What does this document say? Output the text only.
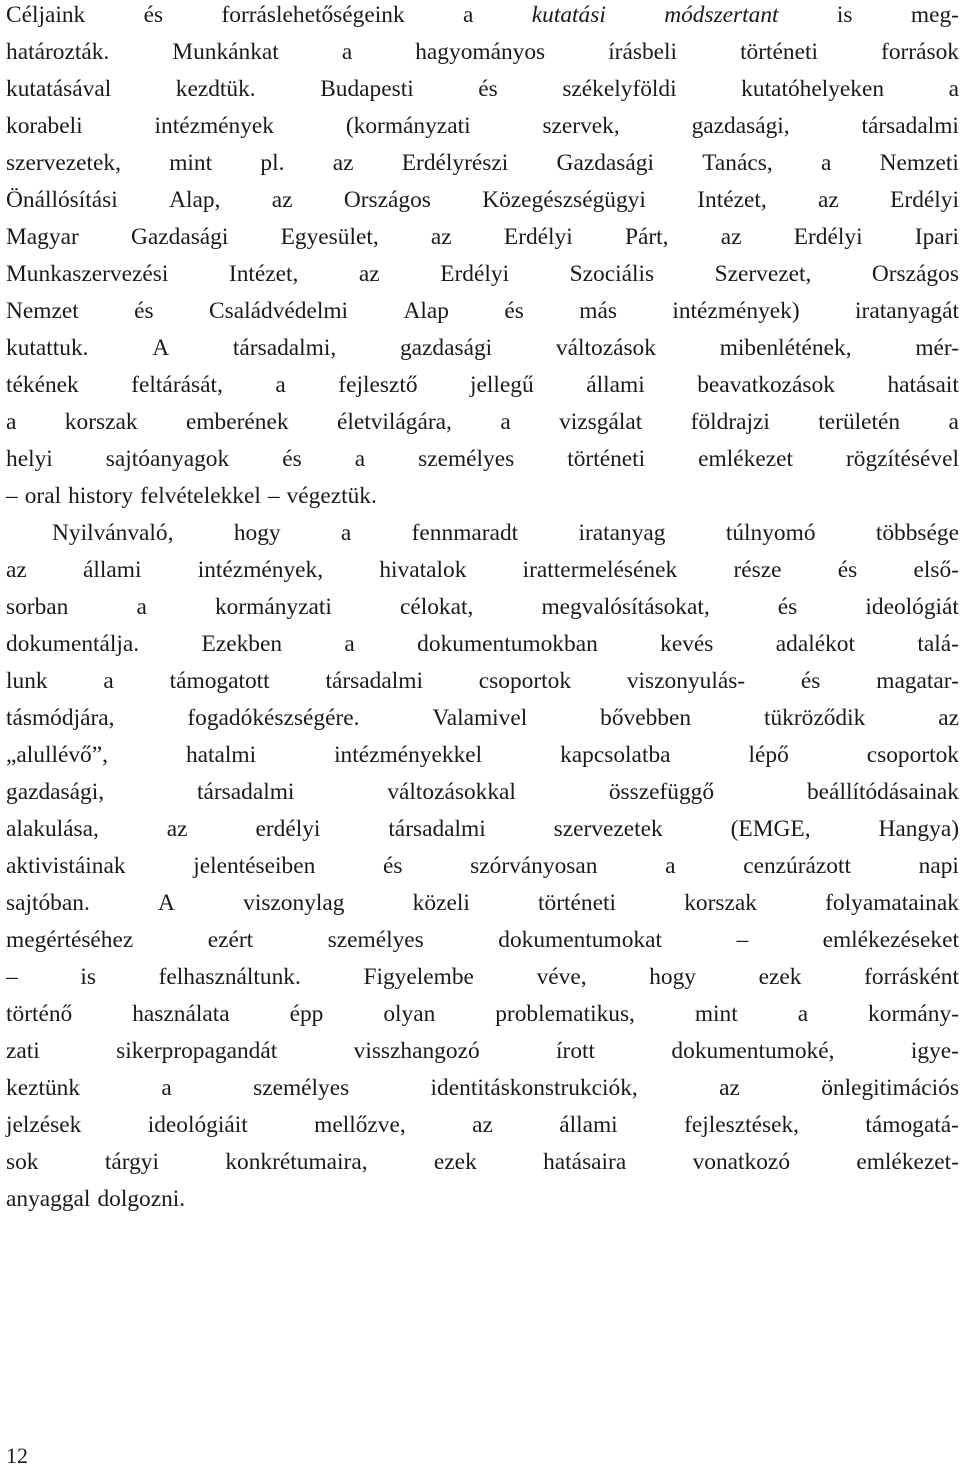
Céljaink és forráslehetőségeink a kutatási módszertant is meg-
határozták.	Munkánkat	a	hagyományos	írásbeli	történeti	források
kutatásával	kezdtük.	Budapesti	és	székelyföldi	kutatóhelyeken	a
korabeli	intézmények	(kormányzati	szervek,	gazdasági,	társadalmi
szervezetek, mint pl. az Erdélyrészi Gazdasági Tanács, a Nemzeti
Önállósítási Alap, az Országos Közegészségügyi Intézet, az Erdélyi
Magyar Gazdasági Egyesület, az Erdélyi Párt, az Erdélyi Ipari
Munkaszervezési	Intézet,	az	Erdélyi	Szociális	Szervezet,	Országos
Nemzet és Családvédelmi Alap és más intézmények) iratanyagát
kutattuk.	A	társadalmi,	gazdasági	változások	mibenlétének,	mér-
tékének feltárását, a fejlesztő jellegű állami beavatkozások hatásait
a korszak emberének életvilágára, a vizsgálat földrajzi területén a
helyi sajtóanyagok és a személyes történeti emlékezet rögzítésével
– oral history felvételekkel – végeztük.
Nyilvánvaló,	hogy	a	fennmaradt	iratanyag	túlnyomó	többsége
az állami intézmények, hivatalok irattermelésének része és első-
sorban	a	kormányzati	célokat,	megvalósításokat,	és	ideológiát
dokumentálja.	Ezekben	a	dokumentumokban	kevés	adalékot	talá-
lunk a támogatott társadalmi csoportok viszonyulás- és magatar-
tásmódjára,	fogadókészségére.	Valamivel	bővebben	tükröződik	az
„alullévő”,	hatalmi	intézményekkel	kapcsolatba	lépő	csoportok
gazdasági,	társadalmi	változásokkal	összefüggő	beállítódásainak
alakulása,	az	erdélyi	társadalmi	szervezetek	(EMGE,	Hangya)
aktivistáinak	jelentéseiben	és	szórványosan	a	cenzúrázott	napi
sajtóban.	A	viszonylag	közeli	történeti	korszak	folyamatainak
megértéséhez	ezért	személyes	dokumentumokat	–	emlékezéseket
–	is	felhasználtunk.	Figyelembe	véve,	hogy	ezek	forrásként
történő	használata	épp	olyan	problematikus,	mint	a	kormány-
zati	sikerpropagandát	visszhangozó	írott	dokumentumoké,	igye-
keztünk	a	személyes	identitáskonstrukciók,	az	önlegitimációs
jelzések	ideológiáit	mellőzve,	az	állami	fejlesztések,	támogatá-
sok	tárgyi	konkrétumaira,	ezek	hatásaira	vonatkozó	emlékezet-
anyaggal dolgozni.
12
